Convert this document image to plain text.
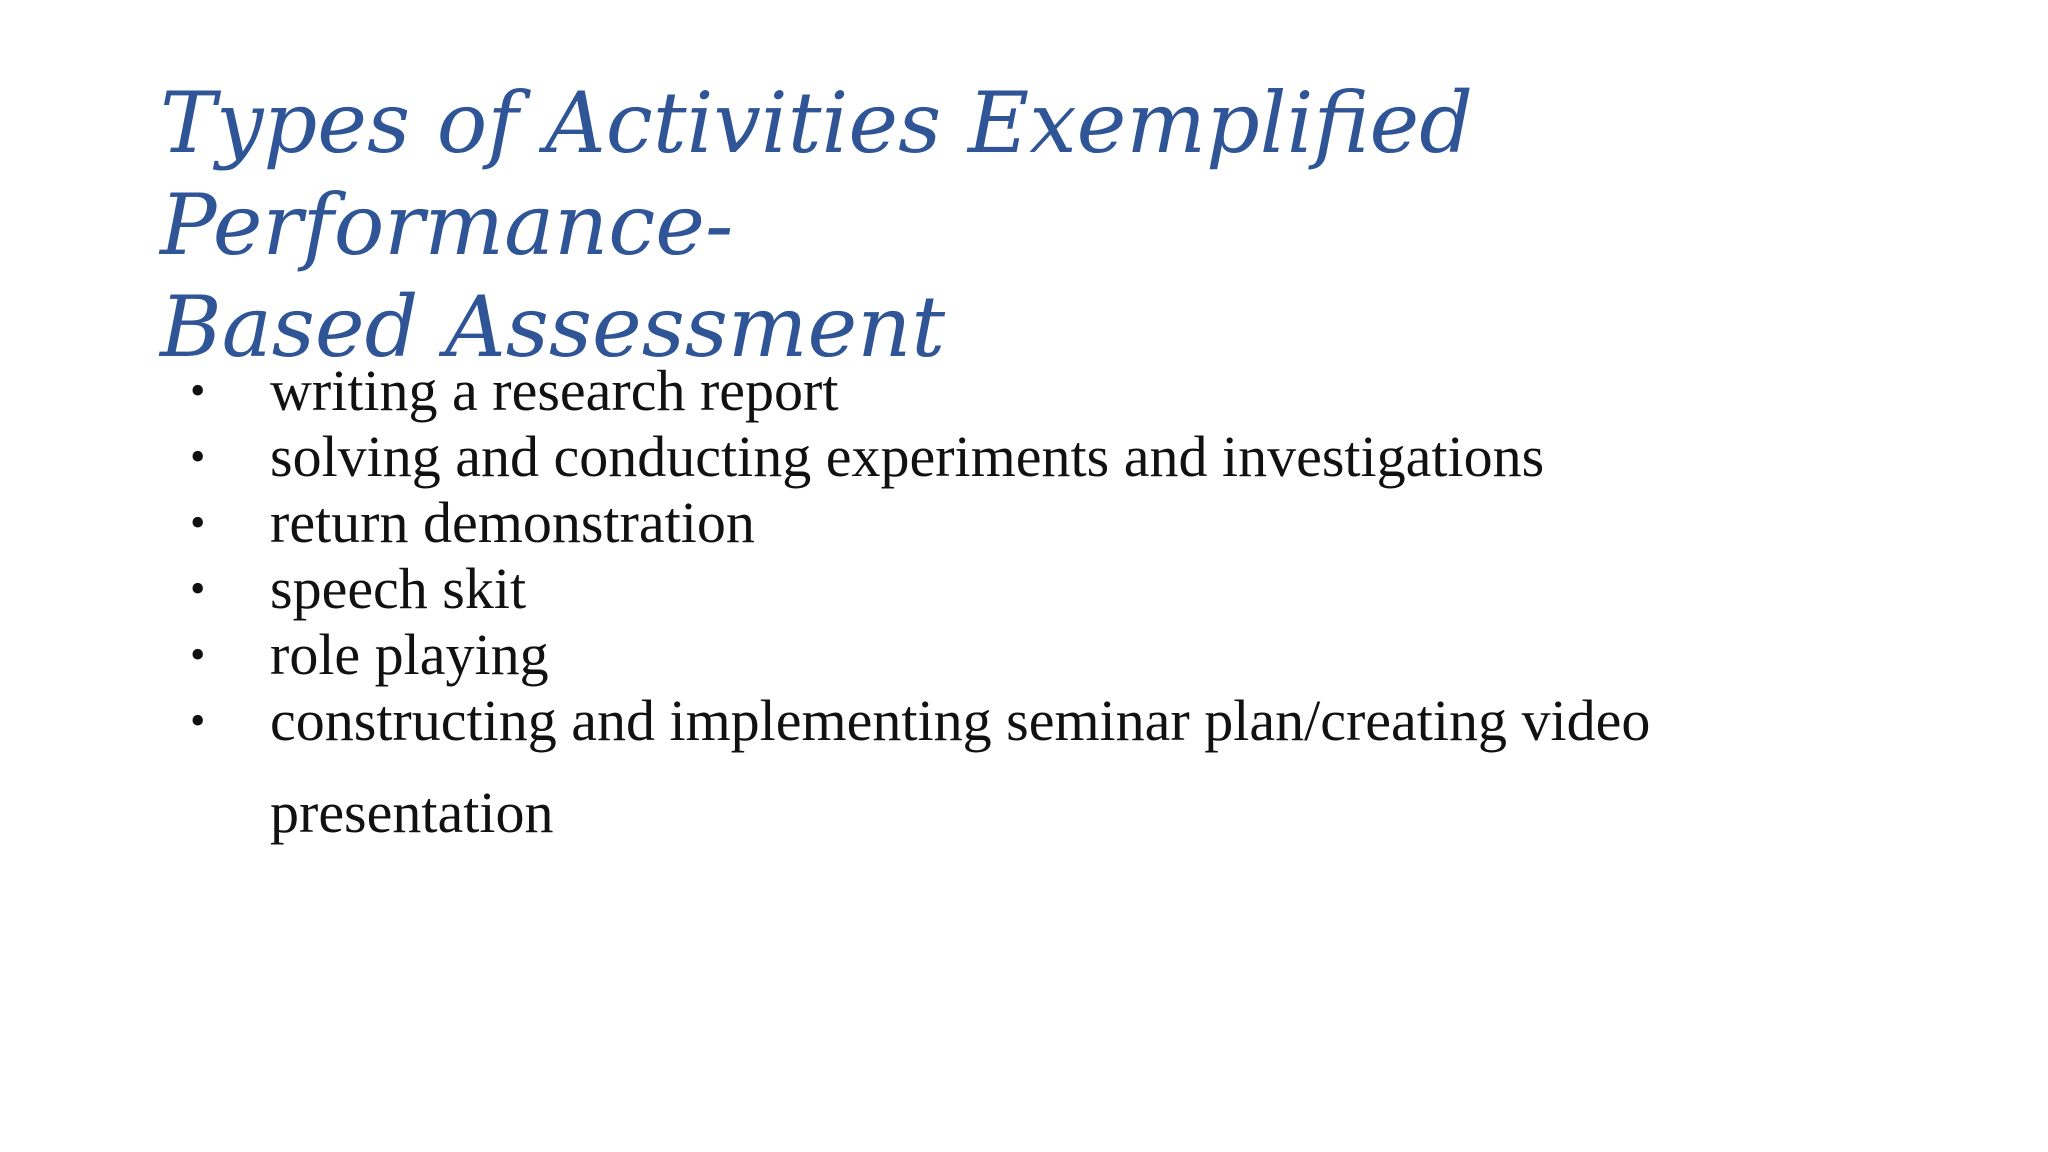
Types of Activities Exemplified Performance-
Based Assessment
•	writing a research report
•	solving and conducting experiments and investigations
•	return demonstration
•	speech skit
•	role playing
•	constructing and implementing seminar plan/creating video
presentation
